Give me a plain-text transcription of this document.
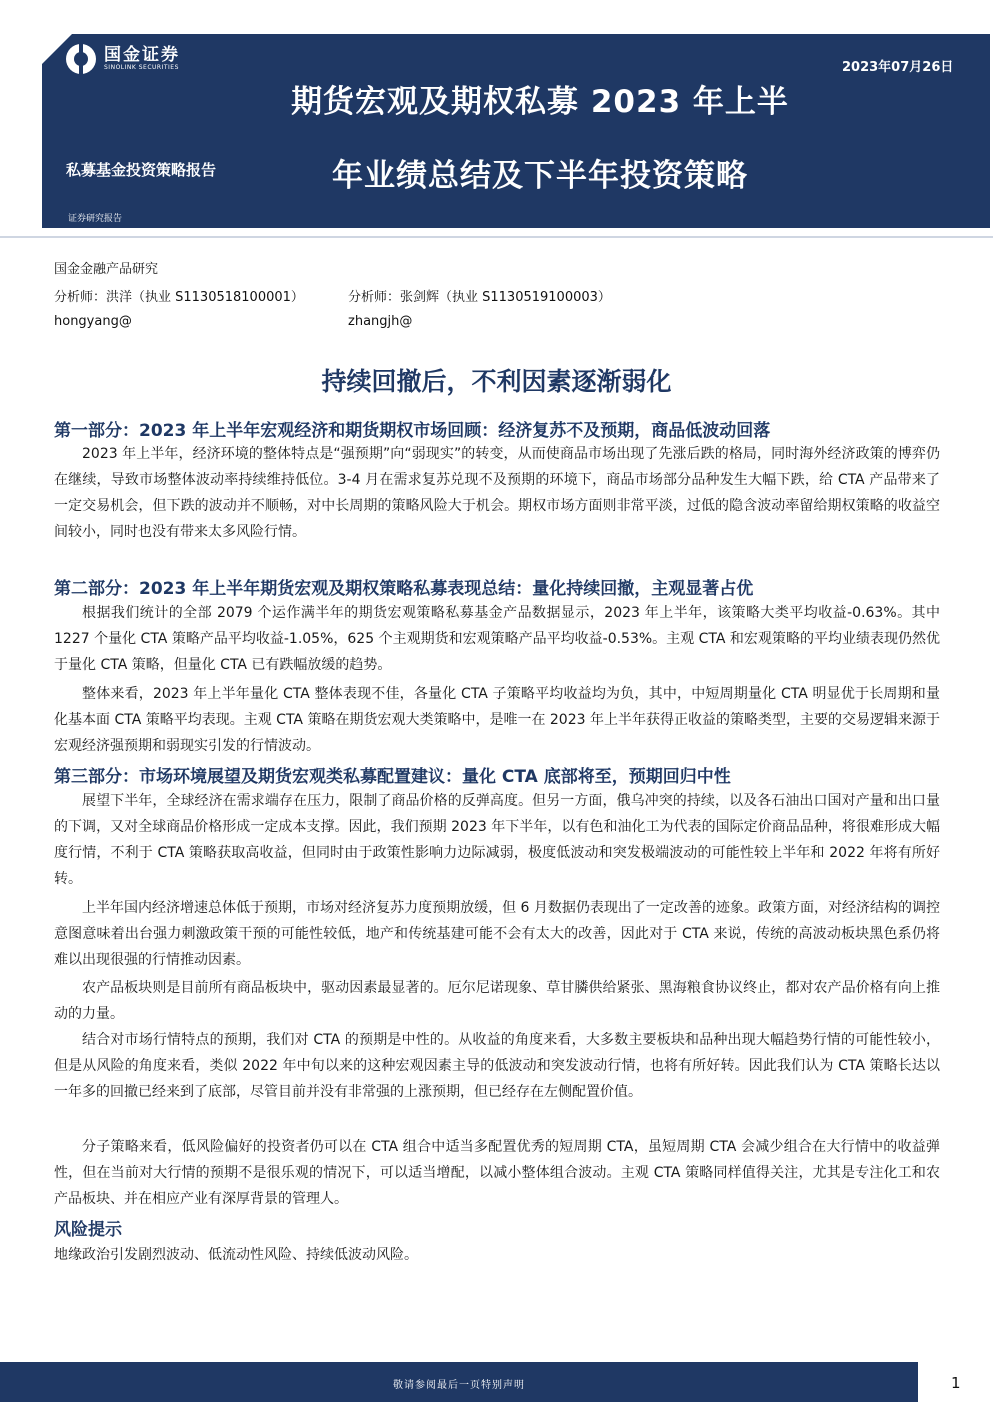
国金证券
SINOLINK SECURITIES	2023年07月26日
期货宏观及期权私募 2023 年上半
年业绩总结及下半年投资策略
私募基金投资策略报告
证券研究报告
国金金融产品研究
分析师：洪洋（执业 S1130518100001）	分析师：张剑辉（执业 S1130519100003）
hongyang@	zhangjh@
持续回撤后，不利因素逐渐弱化
第一部分：2023 年上半年宏观经济和期货期权市场回顾：经济复苏不及预期，商品低波动回落
2023 年上半年，经济环境的整体特点是“强预期”向“弱现实”的转变，从而使商品市场出现了先涨后跌的格局，同时海外经济政策的博弈仍在继续，导致市场整体波动率持续维持低位。3-4 月在需求复苏兑现不及预期的环境下，商品市场部分品种发生大幅下跌，给 CTA 产品带来了一定交易机会，但下跌的波动并不顺畅，对中长周期的策略风险大于机会。期权市场方面则非常平淡，过低的隐含波动率留给期权策略的收益空间较小，同时也没有带来太多风险行情。
第二部分：2023 年上半年期货宏观及期权策略私募表现总结：量化持续回撤，主观显著占优
根据我们统计的全部 2079 个运作满半年的期货宏观策略私募基金产品数据显示，2023 年上半年，该策略大类平均收益-0.63%。其中 1227 个量化 CTA 策略产品平均收益-1.05%，625 个主观期货和宏观策略产品平均收益-0.53%。主观 CTA 和宏观策略的平均业绩表现仍然优于量化 CTA 策略，但量化 CTA 已有跌幅放缓的趋势。
整体来看，2023 年上半年量化 CTA 整体表现不佳，各量化 CTA 子策略平均收益均为负，其中，中短周期量化 CTA 明显优于长周期和量化基本面 CTA 策略平均表现。主观 CTA 策略在期货宏观大类策略中，是唯一在 2023 年上半年获得正收益的策略类型，主要的交易逻辑来源于宏观经济强预期和弱现实引发的行情波动。
第三部分：市场环境展望及期货宏观类私募配置建议：量化 CTA 底部将至，预期回归中性
展望下半年，全球经济在需求端存在压力，限制了商品价格的反弹高度。但另一方面，俄乌冲突的持续，以及各石油出口国对产量和出口量的下调，又对全球商品价格形成一定成本支撑。因此，我们预期 2023 年下半年，以有色和油化工为代表的国际定价商品品种，将很难形成大幅度行情，不利于 CTA 策略获取高收益，但同时由于政策性影响力边际减弱，极度低波动和突发极端波动的可能性较上半年和 2022 年将有所好转。
上半年国内经济增速总体低于预期，市场对经济复苏力度预期放缓，但 6 月数据仍表现出了一定改善的迹象。政策方面，对经济结构的调控意图意味着出台强力刺激政策干预的可能性较低，地产和传统基建可能不会有太大的改善，因此对于 CTA 来说，传统的高波动板块黑色系仍将难以出现很强的行情推动因素。
农产品板块则是目前所有商品板块中，驱动因素最显著的。厄尔尼诺现象、草甘膦供给紧张、黑海粮食协议终止，都对农产品价格有向上推动的力量。
结合对市场行情特点的预期，我们对 CTA 的预期是中性的。从收益的角度来看，大多数主要板块和品种出现大幅趋势行情的可能性较小，但是从风险的角度来看，类似 2022 年中旬以来的这种宏观因素主导的低波动和突发波动行情，也将有所好转。因此我们认为 CTA 策略长达以一年多的回撤已经来到了底部，尽管目前并没有非常强的上涨预期，但已经存在左侧配置价值。
分子策略来看，低风险偏好的投资者仍可以在 CTA 组合中适当多配置优秀的短周期 CTA，虽短周期 CTA 会减少组合在大行情中的收益弹性，但在当前对大行情的预期不是很乐观的情况下，可以适当增配，以减小整体组合波动。主观 CTA 策略同样值得关注，尤其是专注化工和农产品板块、并在相应产业有深厚背景的管理人。
风险提示
地缘政治引发剧烈波动、低流动性风险、持续低波动风险。
敬请参阅最后一页特别声明	1
